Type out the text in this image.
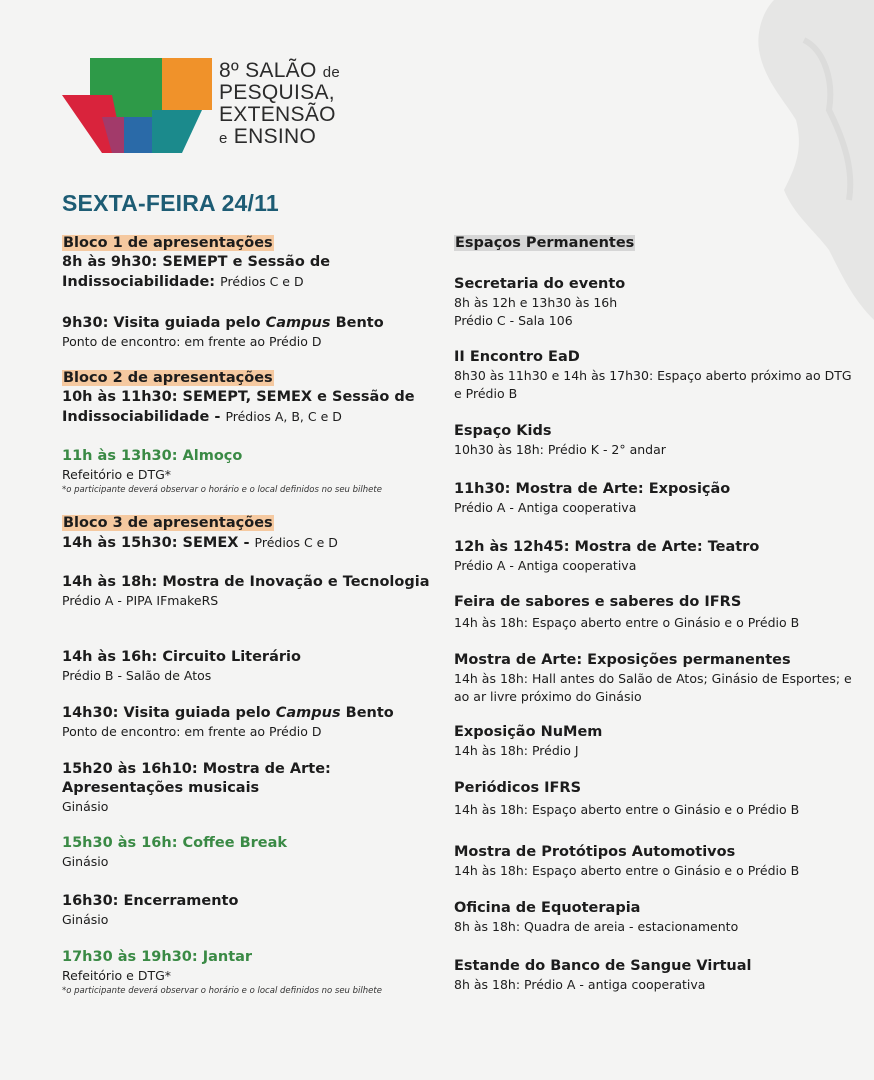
8º SALÃO de
PESQUISA,
EXTENSÃO
e ENSINO
SEXTA-FEIRA 24/11
Bloco 1 de apresentações
8h às 9h30: SEMEPT e Sessão de Indissociabilidade: Prédios C e D
9h30: Visita guiada pelo Campus Bento
Ponto de encontro: em frente ao Prédio D
Bloco 2 de apresentações
10h às 11h30: SEMEPT, SEMEX e Sessão de Indissociabilidade - Prédios A, B, C e D
11h às 13h30: Almoço
Refeitório e DTG*
*o participante deverá observar o horário e o local definidos no seu bilhete
Bloco 3 de apresentações
14h às 15h30: SEMEX - Prédios C e D
14h às 18h: Mostra de Inovação e Tecnologia
Prédio A - PIPA IFmakeRS
14h às 16h: Circuito Literário
Prédio B - Salão de Atos
14h30: Visita guiada pelo Campus Bento
Ponto de encontro: em frente ao Prédio D
15h20 às 16h10: Mostra de Arte: Apresentações musicais
Ginásio
15h30 às 16h: Coffee Break
Ginásio
16h30: Encerramento
Ginásio
17h30 às 19h30: Jantar
Refeitório e DTG*
*o participante deverá observar o horário e o local definidos no seu bilhete
Espaços Permanentes
Secretaria do evento
8h às 12h e 13h30 às 16h
Prédio C - Sala 106
II Encontro EaD
8h30 às 11h30 e 14h às 17h30: Espaço aberto próximo ao DTG e Prédio B
Espaço Kids
10h30 às 18h: Prédio K - 2° andar
11h30: Mostra de Arte: Exposição
Prédio A - Antiga cooperativa
12h às 12h45: Mostra de Arte: Teatro
Prédio A - Antiga cooperativa
Feira de sabores e saberes do IFRS
14h às 18h: Espaço aberto entre o Ginásio e o Prédio B
Mostra de Arte: Exposições permanentes
14h às 18h: Hall antes do Salão de Atos; Ginásio de Esportes; e ao ar livre próximo do Ginásio
Exposição NuMem
14h às 18h: Prédio J
Periódicos IFRS
14h às 18h: Espaço aberto entre o Ginásio e o Prédio B
Mostra de Protótipos Automotivos
14h às 18h: Espaço aberto entre o Ginásio e o Prédio B
Oficina de Equoterapia
8h às 18h: Quadra de areia - estacionamento
Estande do Banco de Sangue Virtual
8h às 18h: Prédio A - antiga cooperativa
